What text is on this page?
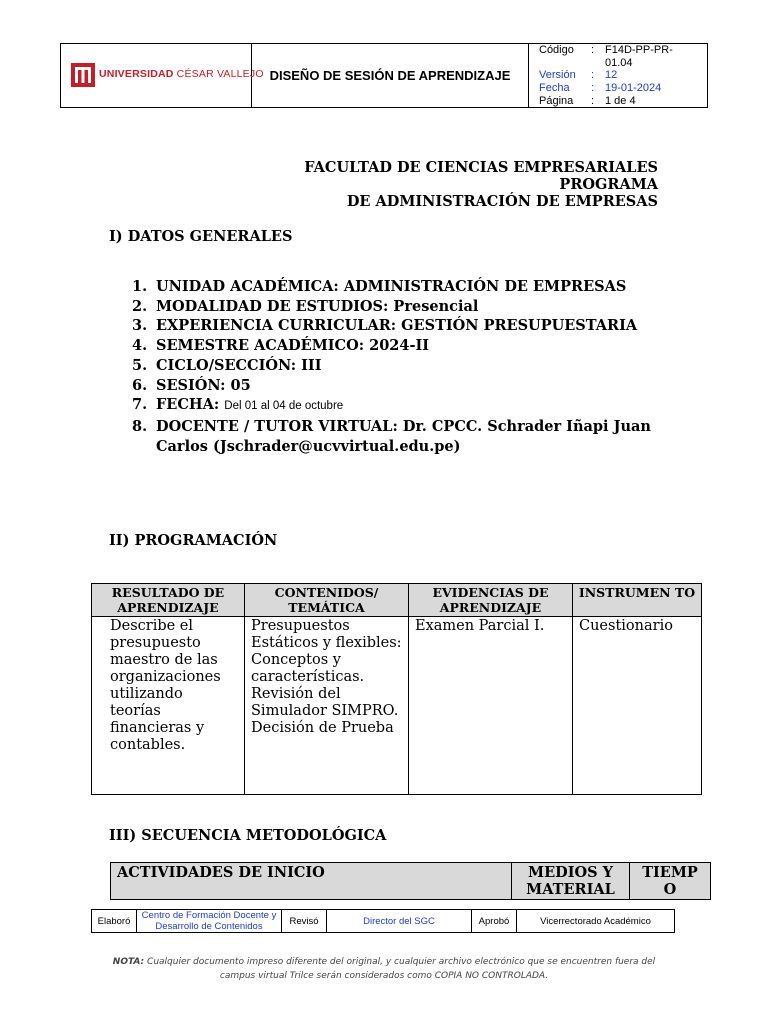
UNIVERSIDAD CÉSAR VALLEJO DISEÑO DE SESIÓN DE APRENDIZAJE
Código	: F14D-PP-PR-01.04
Versión	: 12
Fecha	: 19-01-2024
Página	: 1 de 4
FACULTAD DE CIENCIAS EMPRESARIALES
PROGRAMA
DE ADMINISTRACIÓN DE EMPRESAS
I) DATOS GENERALES
1. UNIDAD ACADÉMICA: ADMINISTRACIÓN DE EMPRESAS
2. MODALIDAD DE ESTUDIOS: Presencial
3. EXPERIENCIA CURRICULAR: GESTIÓN PRESUPUESTARIA
4. SEMESTRE ACADÉMICO: 2024-II
5. CICLO/SECCIÓN: III
6. SESIÓN: 05
7. FECHA: Del 01 al 04 de octubre
8. DOCENTE / TUTOR VIRTUAL: Dr. CPCC. Schrader Iñapi Juan Carlos (Jschrader@ucvvirtual.edu.pe)
II) PROGRAMACIÓN
RESULTADO DE APRENDIZAJE	CONTENIDOS/ TEMÁTICA	EVIDENCIAS DE APRENDIZAJE	INSTRUMEN TO
Describe el presupuesto maestro de las organizaciones utilizando teorías financieras y contables.	Presupuestos Estáticos y flexibles: Conceptos y características. Revisión del Simulador SIMPRO. Decisión de Prueba	Examen Parcial I.	Cuestionario
III) SECUENCIA METODOLÓGICA
ACTIVIDADES DE INICIO	MEDIOS Y MATERIAL	TIEMP O
Elaboró	Centro de Formación Docente y Desarrollo de Contenidos	Revisó	Director del SGC	Aprobó	Vicerrectorado Académico
NOTA: Cualquier documento impreso diferente del original, y cualquier archivo electrónico que se encuentren fuera del campus virtual Trilce serán considerados como COPIA NO CONTROLADA.
